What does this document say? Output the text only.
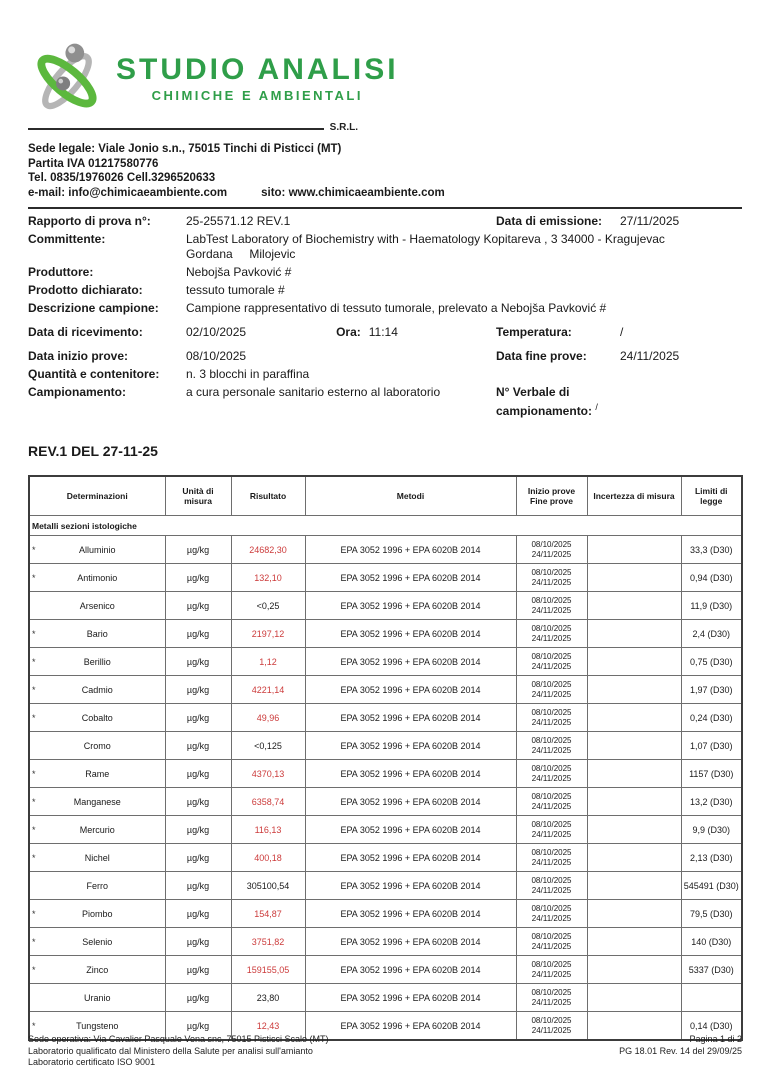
STUDIO ANALISI
CHIMICHE E AMBIENTALI
S.R.L.
Sede legale: Viale Jonio s.n., 75015 Tinchi di Pisticci (MT)
Partita IVA 01217580776
Tel. 0835/1976026 Cell.3296520633
e-mail: info@chimicaeambiente.com	sito: www.chimicaeambiente.com
Rapporto di prova n°:	25-25571.12 REV.1	Data di emissione:	27/11/2025
Committente:	LabTest Laboratory of Biochemistry with - Haematology Kopitareva , 3 34000 - Kragujevac
Gordana     Milojevic
Produttore:	Nebojša Pavković #
Prodotto dichiarato:	tessuto tumorale #
Descrizione campione:	Campione rappresentativo di tessuto tumorale, prelevato a Nebojša Pavković #
Data di ricevimento:	02/10/2025	Ora: 11:14	Temperatura:	/
Data inizio prove:	08/10/2025	Data fine prove:	24/11/2025
Quantità e contenitore:	n. 3 blocchi in paraffina
Campionamento:	a cura personale sanitario esterno al laboratorio	N° Verbale di
campionamento: /
REV.1 DEL 27-11-25
Determinazioni	Unità di misura	Risultato	Metodi	Inizio prove
Fine prove	Incertezza di misura	Limiti di legge
Metalli sezioni istologiche						

* Alluminio	µg/kg	24682,30	EPA 3052 1996 + EPA 6020B 2014	08/10/2025
24/11/2025		33,3 (D30)

* Antimonio	µg/kg	132,10	EPA 3052 1996 + EPA 6020B 2014	08/10/2025
24/11/2025		0,94 (D30)

Arsenico	µg/kg	<0,25	EPA 3052 1996 + EPA 6020B 2014	08/10/2025
24/11/2025		11,9 (D30)

* Bario	µg/kg	2197,12	EPA 3052 1996 + EPA 6020B 2014	08/10/2025
24/11/2025		2,4 (D30)

* Berillio	µg/kg	1,12	EPA 3052 1996 + EPA 6020B 2014	08/10/2025
24/11/2025		0,75 (D30)

* Cadmio	µg/kg	4221,14	EPA 3052 1996 + EPA 6020B 2014	08/10/2025
24/11/2025		1,97 (D30)

* Cobalto	µg/kg	49,96	EPA 3052 1996 + EPA 6020B 2014	08/10/2025
24/11/2025		0,24 (D30)

Cromo	µg/kg	<0,125	EPA 3052 1996 + EPA 6020B 2014	08/10/2025
24/11/2025		1,07 (D30)

* Rame	µg/kg	4370,13	EPA 3052 1996 + EPA 6020B 2014	08/10/2025
24/11/2025		1157 (D30)

* Manganese	µg/kg	6358,74	EPA 3052 1996 + EPA 6020B 2014	08/10/2025
24/11/2025		13,2 (D30)

* Mercurio	µg/kg	116,13	EPA 3052 1996 + EPA 6020B 2014	08/10/2025
24/11/2025		9,9 (D30)

* Nichel	µg/kg	400,18	EPA 3052 1996 + EPA 6020B 2014	08/10/2025
24/11/2025		2,13 (D30)

Ferro	µg/kg	305100,54	EPA 3052 1996 + EPA 6020B 2014	08/10/2025
24/11/2025		545491 (D30)

* Piombo	µg/kg	154,87	EPA 3052 1996 + EPA 6020B 2014	08/10/2025
24/11/2025		79,5 (D30)

* Selenio	µg/kg	3751,82	EPA 3052 1996 + EPA 6020B 2014	08/10/2025
24/11/2025		140 (D30)

* Zinco	µg/kg	159155,05	EPA 3052 1996 + EPA 6020B 2014	08/10/2025
24/11/2025		5337 (D30)

Uranio	µg/kg	23,80	EPA 3052 1996 + EPA 6020B 2014	08/10/2025
24/11/2025		

* Tungsteno	µg/kg	12,43	EPA 3052 1996 + EPA 6020B 2014	08/10/2025
24/11/2025		0,14 (D30)
Sede operativa: Via Cavalier Pasquale Vena snc, 75015 Pisticci Scalo (MT)
Laboratorio qualificato dal Ministero della Salute per analisi sull'amianto
Laboratorio certificato ISO 9001
Pagina 1 di 2
PG 18.01 Rev. 14 del 29/09/25
